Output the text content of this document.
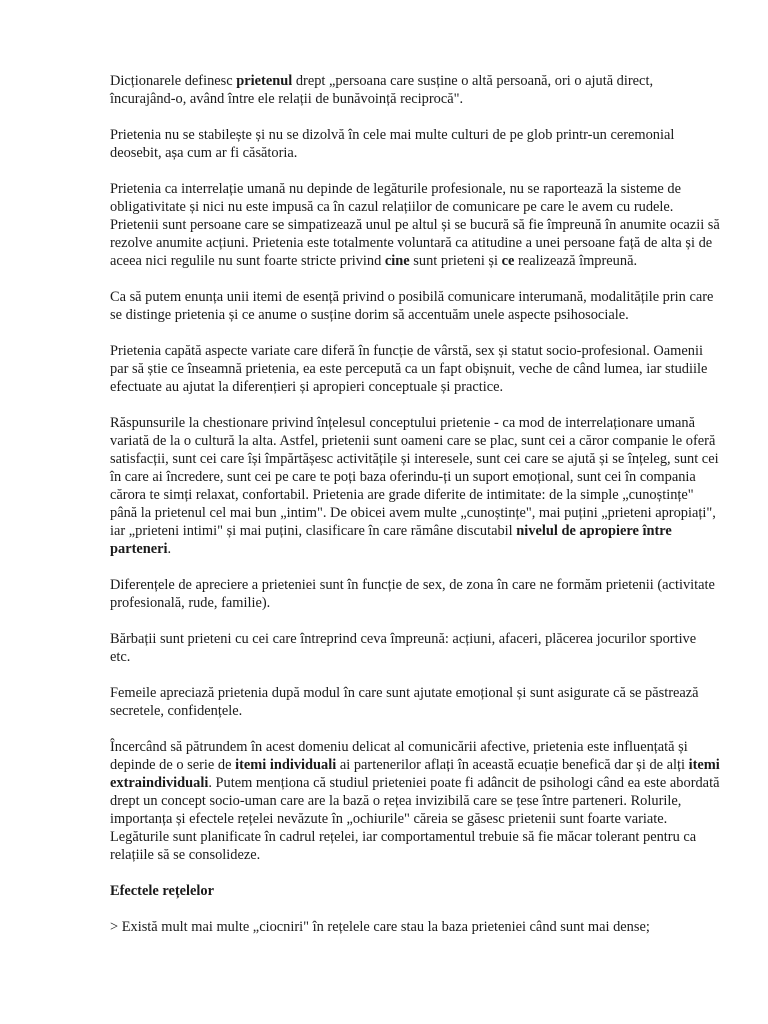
Dicționarele definesc prietenul drept „persoana care susține o altă persoană, ori o ajută direct, încurajând-o, având între ele relații de bunăvoință reciprocă".

Prietenia nu se stabilește și nu se dizolvă în cele mai multe culturi de pe glob printr-un ceremonial deosebit, așa cum ar fi căsătoria.

Prietenia ca interrelație umană nu depinde de legăturile profesionale, nu se raportează la sisteme de obligativitate și nici nu este impusă ca în cazul relațiilor de comunicare pe care le avem cu rudele. Prietenii sunt persoane care se simpatizează unul pe altul și se bucură să fie împreună în anumite ocazii să rezolve anumite acțiuni. Prietenia este totalmente voluntară ca atitudine a unei persoane față de alta și de aceea nici regulile nu sunt foarte stricte privind cine sunt prieteni și ce realizează împreună.

Ca să putem enunța unii itemi de esență privind o posibilă comunicare interumană, modalitățile prin care se distinge prietenia și ce anume o susține dorim să accentuăm unele aspecte psihosociale.

Prietenia capătă aspecte variate care diferă în funcție de vârstă, sex și statut socio-profesional. Oamenii par să știe ce înseamnă prietenia, ea este percepută ca un fapt obișnuit, veche de când lumea, iar studiile efectuate au ajutat la diferențieri și apropieri conceptuale și practice.

Răspunsurile la chestionare privind înțelesul conceptului prietenie - ca mod de interrelaționare umană variată de la o cultură la alta. Astfel, prietenii sunt oameni care se plac, sunt cei a căror companie le oferă satisfacții, sunt cei care își împărtășesc activitățile și interesele, sunt cei care se ajută și se înțeleg, sunt cei în care ai încredere, sunt cei pe care te poți baza oferindu-ți un suport emoțional, sunt cei în compania cărora te simți relaxat, confortabil. Prietenia are grade diferite de intimitate: de la simple „cunoștințe" până la prietenul cel mai bun „intim". De obicei avem multe „cunoștințe", mai puțini „prieteni apropiați", iar „prieteni intimi" și mai puțini, clasificare în care rămâne discutabil nivelul de apropiere între parteneri.

Diferențele de apreciere a prieteniei sunt în funcție de sex, de zona în care ne formăm prietenii (activitate profesională, rude, familie).

Bărbații sunt prieteni cu cei care întreprind ceva împreună: acțiuni, afaceri, plăcerea jocurilor sportive etc.

Femeile apreciază prietenia după modul în care sunt ajutate emoțional și sunt asigurate că se păstrează secretele, confidențele.

Încercând să pătrundem în acest domeniu delicat al comunicării afective, prietenia este influențată și depinde de o serie de itemi individuali ai partenerilor aflați în această ecuație benefică dar și de alți itemi extraindividuali. Putem menționa că studiul prieteniei poate fi adâncit de psihologi când ea este abordată drept un concept socio-uman care are la bază o rețea invizibilă care se țese între parteneri. Rolurile, importanța și efectele rețelei nevăzute în „ochiurile" căreia se găsesc prietenii sunt foarte variate. Legăturile sunt planificate în cadrul rețelei, iar comportamentul trebuie să fie măcar tolerant pentru ca relațiile să se consolideze.

Efectele rețelelor

> Există mult mai multe „ciocniri" în rețelele care stau la baza prieteniei când sunt mai dense;
